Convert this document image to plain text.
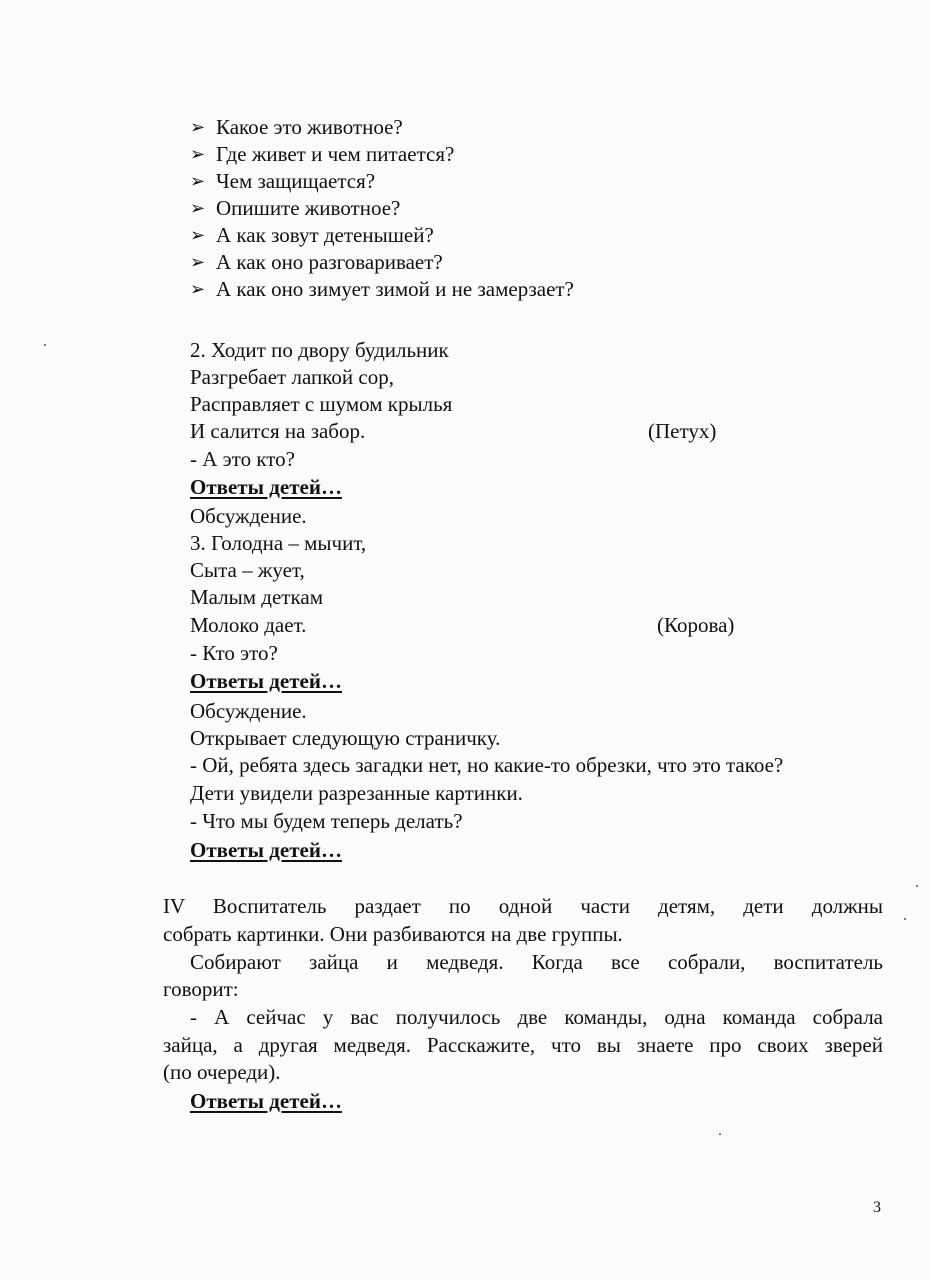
➢ Какое это животное?
➢ Где живет и чем питается?
➢ Чем защищается?
➢ Опишите животное?
➢ А как зовут детенышей?
➢ А как оно разговаривает?
➢ А как оно зимует зимой и не замерзает?
2. Ходит по двору будильник
Разгребает лапкой сор,
Расправляет с шумом крылья
И салится на забор.	(Петух)
- А это кто?
Ответы детей…
Обсуждение.
3. Голодна – мычит,
Сыта – жует,
Малым деткам
Молоко дает.	(Корова)
- Кто это?
Ответы детей…
Обсуждение.
Открывает следующую страничку.
- Ой, ребята здесь загадки нет, но какие-то обрезки, что это такое?
Дети увидели разрезанные картинки.
- Что мы будем теперь делать?
Ответы детей…
IV Воспитатель раздает по одной части детям, дети должны
собрать картинки. Они разбиваются на две группы.
Собирают зайца и медведя. Когда все собрали, воспитатель
говорит:
- А сейчас у вас получилось две команды, одна команда собрала
зайца, а другая медведя. Расскажите, что вы знаете про своих зверей
(по очереди).
Ответы детей…
3
